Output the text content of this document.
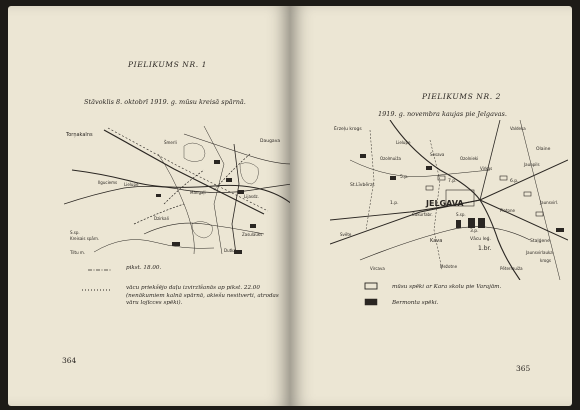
PIELIKUMS NR. 1
Stāvoklis 8. oktobrī 1919. g. mūsu kreisā spārnā.
Torņakalns
S.sp.
Kreisais spārn.
Tiltu m.
Lielupe
Daugava
Dutka
Zasulauks
Šmerli
Lijasdz.
Mangaļi
Dzirkali
Ilguciems
pikst. 18.00.
vācu priekšējo daļu izvirzīšanās ap pikst. 22.00 (nenākumiem kalnā spārnā, akiešu nesitverti, atrodas vāru lojīcces spēki).
364
PIELIKUMS NR. 2
1919. g. novembra kaujas pie Jelgavas.
Ērzeļu krogs
Olaine
St.Līvbērzs
JELGAVA
Kava	Vācu leģ.
1.br.
3.p.
5.p.
7.p.	6.p.
1.p.
Svēte
Cukurfabr.
Ozolnieki
Virkas
Lielupe
Staļģene
Jaunsvirlauka
krogs
Mežotne
Vircava
Platone
Ozolmuiža
Sesava
Pētermuiža
Jaunpils
Valdeka
Jaunsvirl.
S.sp.
mūsu spēki ar Kara skolu pie Varajām.
Bermonta spēki.
365
